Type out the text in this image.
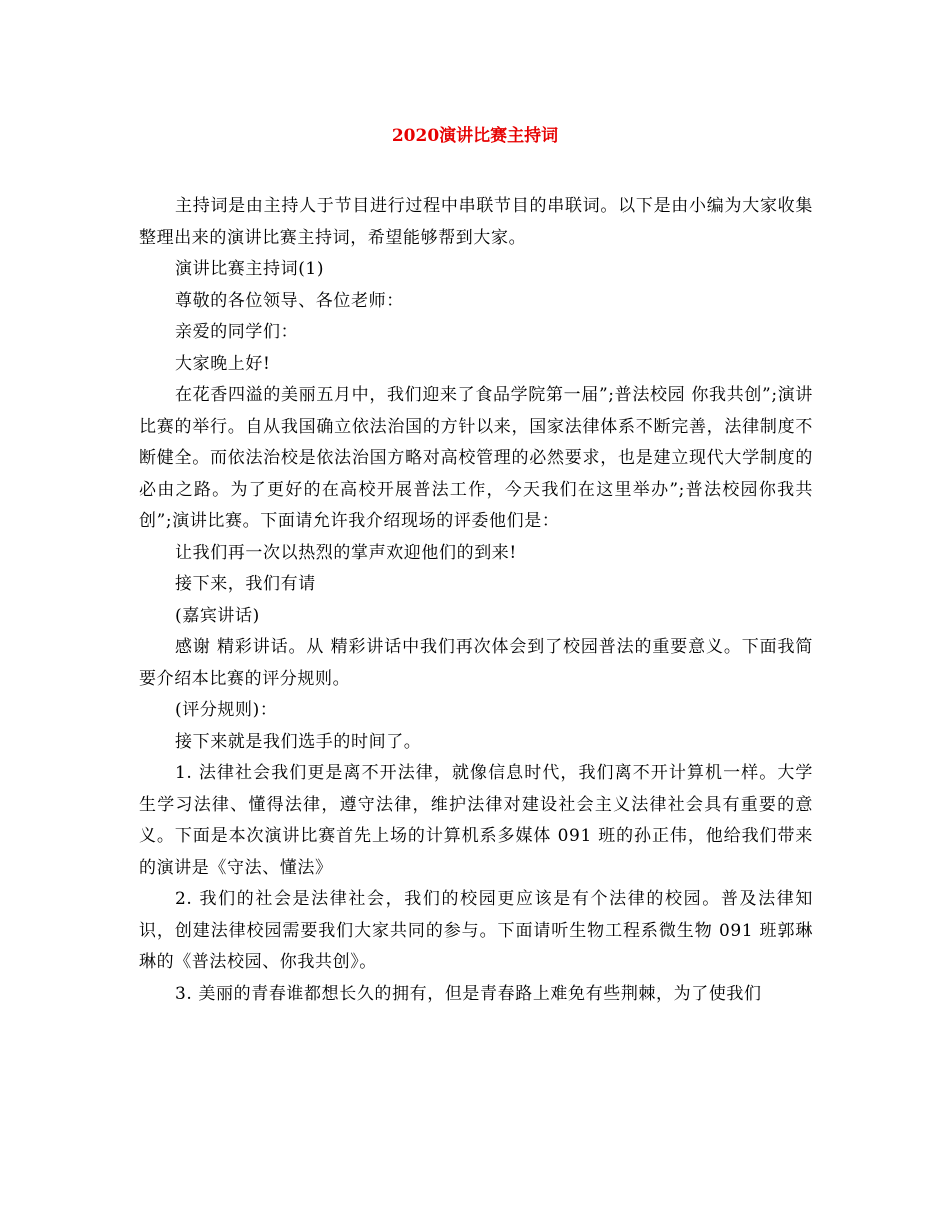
2020演讲比赛主持词

主持词是由主持人于节目进行过程中串联节目的串联词。以下是由小编为大家收集整理出来的演讲比赛主持词，希望能够帮到大家。

演讲比赛主持词(1)

尊敬的各位领导、各位老师：

亲爱的同学们：

大家晚上好!

在花香四溢的美丽五月中，我们迎来了食品学院第一届”;普法校园 你我共创”;演讲比赛的举行。自从我国确立依法治国的方针以来，国家法律体系不断完善，法律制度不断健全。而依法治校是依法治国方略对高校管理的必然要求，也是建立现代大学制度的必由之路。为了更好的在高校开展普法工作，今天我们在这里举办”;普法校园你我共创”;演讲比赛。下面请允许我介绍现场的评委他们是：

让我们再一次以热烈的掌声欢迎他们的到来!

接下来，我们有请

(嘉宾讲话)

感谢 精彩讲话。从 精彩讲话中我们再次体会到了校园普法的重要意义。下面我简要介绍本比赛的评分规则。

(评分规则)：

接下来就是我们选手的时间了。

1. 法律社会我们更是离不开法律，就像信息时代，我们离不开计算机一样。大学生学习法律、懂得法律，遵守法律，维护法律对建设社会主义法律社会具有重要的意义。下面是本次演讲比赛首先上场的计算机系多媒体 091 班的孙正伟，他给我们带来的演讲是《守法、懂法》

2. 我们的社会是法律社会，我们的校园更应该是有个法律的校园。普及法律知识，创建法律校园需要我们大家共同的参与。下面请听生物工程系微生物 091 班郭琳琳的《普法校园、你我共创》。

3. 美丽的青春谁都想长久的拥有，但是青春路上难免有些荆棘，为了使我们
